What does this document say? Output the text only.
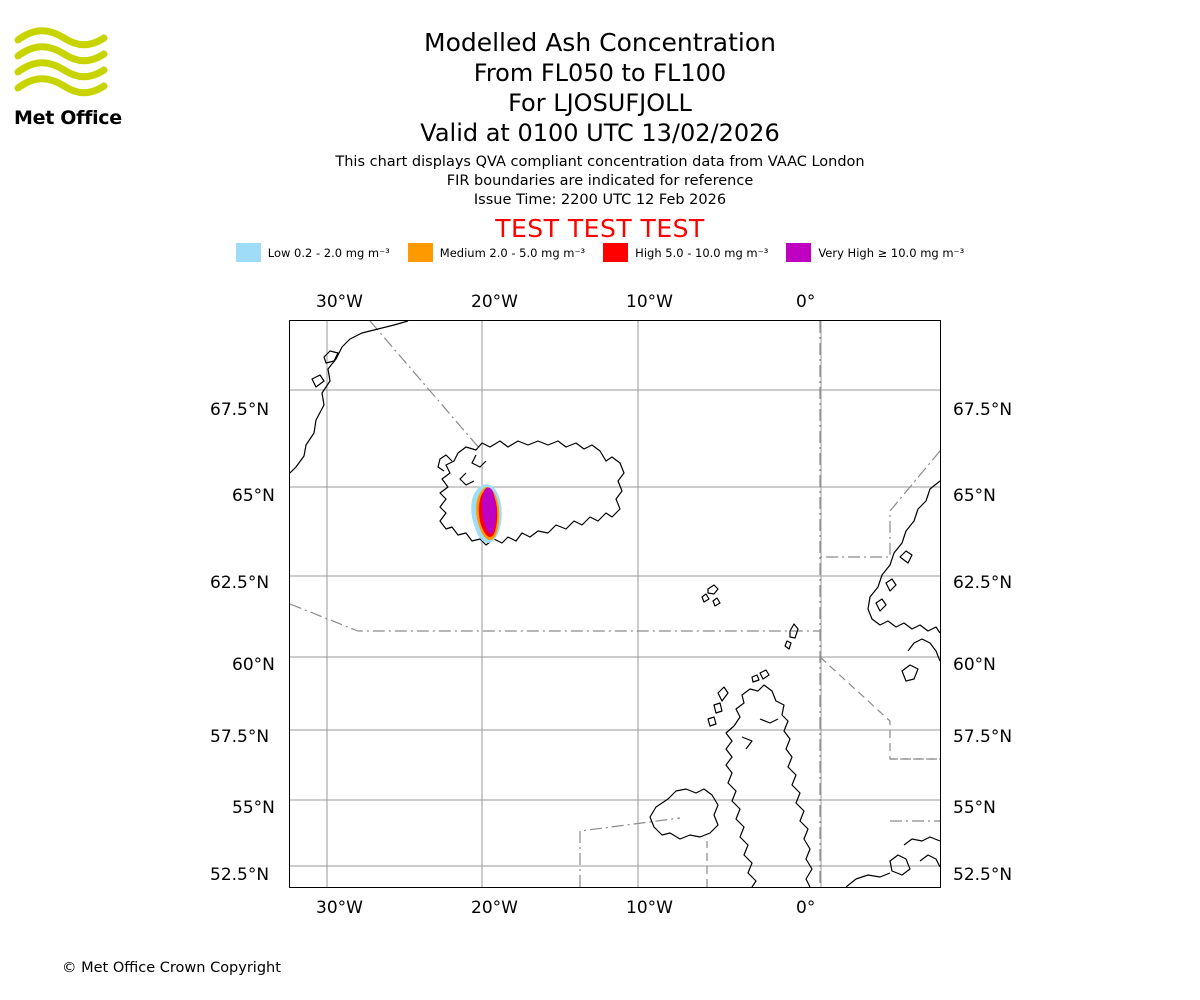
Met Office
Modelled Ash Concentration
From FL050 to FL100
For LJOSUFJOLL
Valid at 0100 UTC 13/02/2026
This chart displays QVA compliant concentration data from VAAC London
FIR boundaries are indicated for reference
Issue Time: 2200 UTC 12 Feb 2026
TEST TEST TEST
Low 0.2 - 2.0 mg m⁻³	Medium 2.0 - 5.0 mg m⁻³	High 5.0 - 10.0 mg m⁻³	Very High ≥ 10.0 mg m⁻³
30°W	20°W	10°W	0°
30°W	20°W	10°W	0°
67.5°N
65°N
62.5°N
60°N
57.5°N
55°N
52.5°N
67.5°N
65°N
62.5°N
60°N
57.5°N
55°N
52.5°N
© Met Office Crown Copyright
